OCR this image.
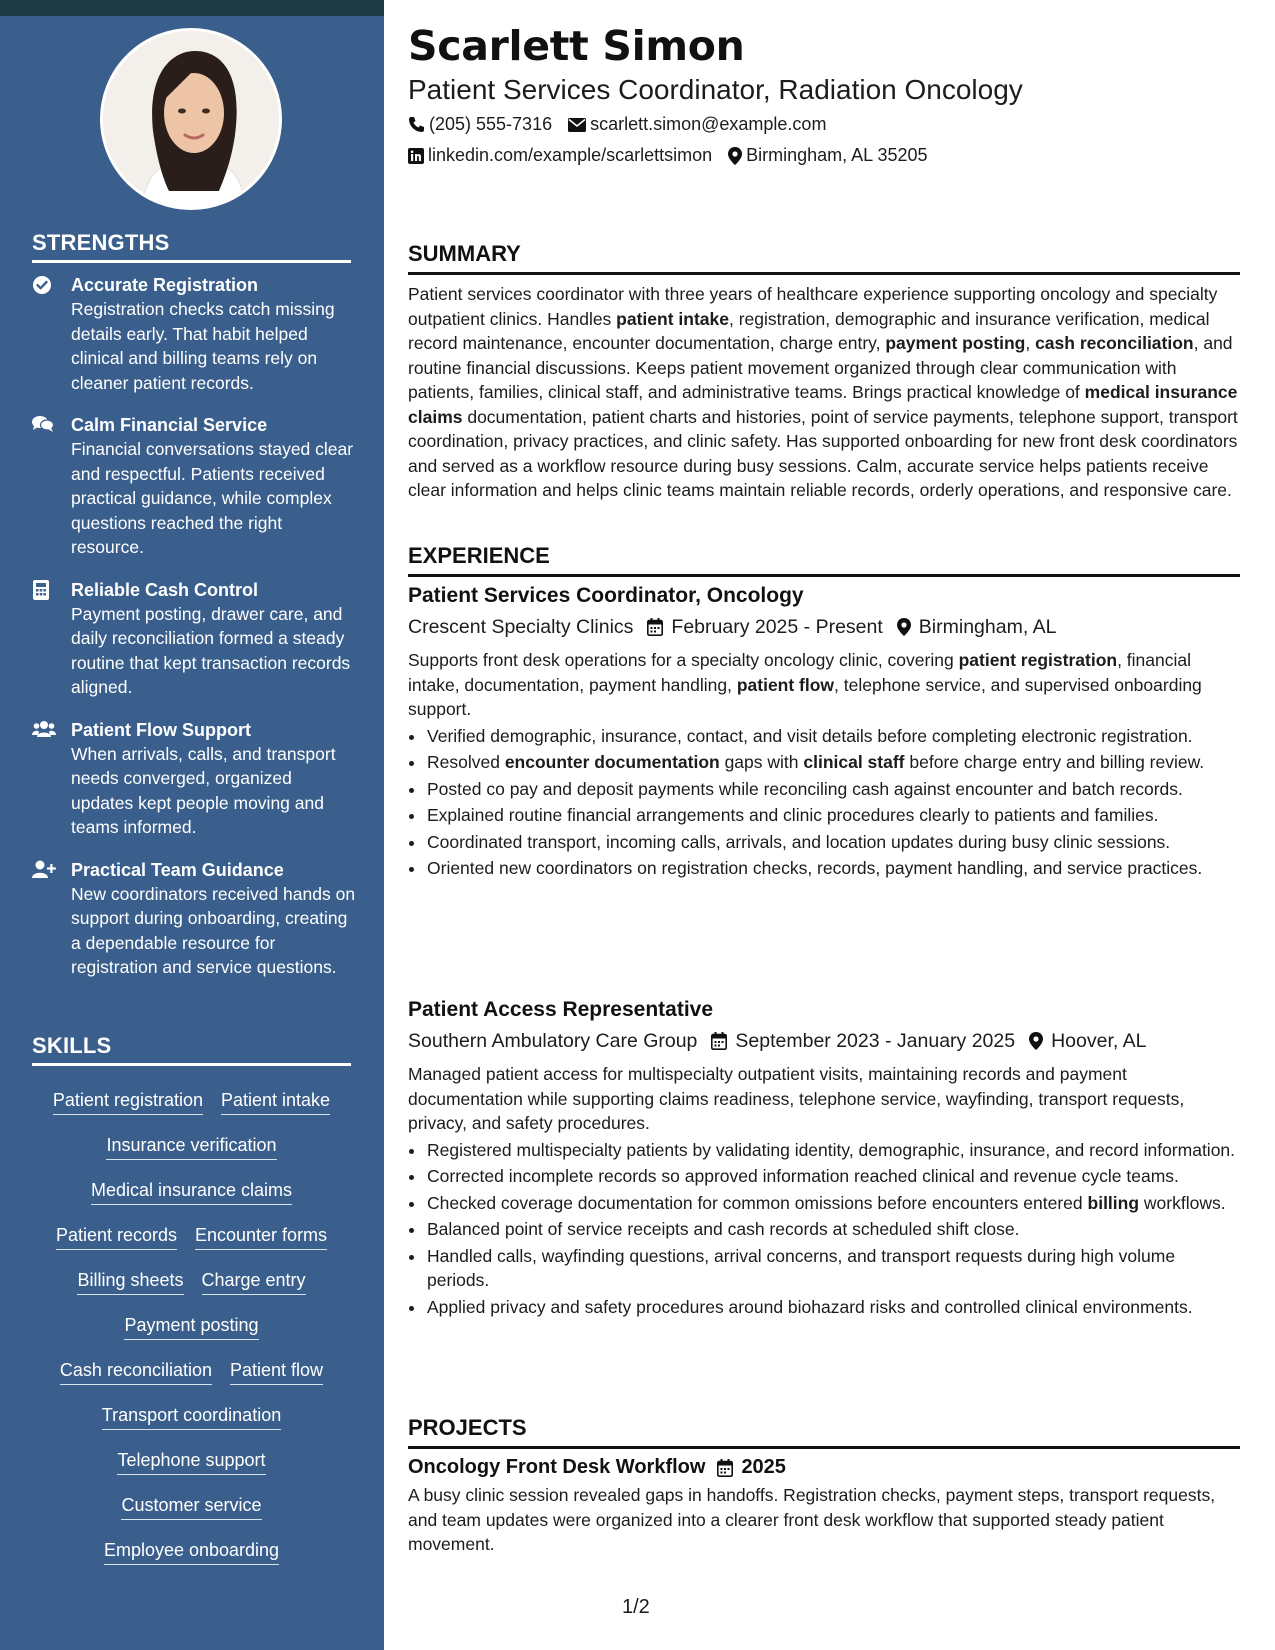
STRENGTHS
Accurate Registration
Registration checks catch missing details early. That habit helped clinical and billing teams rely on cleaner patient records.
Calm Financial Service
Financial conversations stayed clear and respectful. Patients received practical guidance, while complex questions reached the right resource.
Reliable Cash Control
Payment posting, drawer care, and daily reconciliation formed a steady routine that kept transaction records aligned.
Patient Flow Support
When arrivals, calls, and transport needs converged, organized updates kept people moving and teams informed.
Practical Team Guidance
New coordinators received hands on support during onboarding, creating a dependable resource for registration and service questions.
SKILLS
Patient registration Patient intake
Insurance verification
Medical insurance claims
Patient records Encounter forms
Billing sheets Charge entry
Payment posting
Cash reconciliation Patient flow
Transport coordination
Telephone support
Customer service
Employee onboarding
Scarlett Simon
Patient Services Coordinator, Radiation Oncology
(205) 555-7316 scarlett.simon@example.com
linkedin.com/example/scarlettsimon Birmingham, AL 35205
SUMMARY

Patient services coordinator with three years of healthcare experience supporting oncology and specialty outpatient clinics. Handles patient intake, registration, demographic and insurance verification, medical record maintenance, encounter documentation, charge entry, payment posting, cash reconciliation, and routine financial discussions. Keeps patient movement organized through clear communication with patients, families, clinical staff, and administrative teams. Brings practical knowledge of medical insurance claims documentation, patient charts and histories, point of service payments, telephone support, transport coordination, privacy practices, and clinic safety. Has supported onboarding for new front desk coordinators and served as a workflow resource during busy sessions. Calm, accurate service helps patients receive clear information and helps clinic teams maintain reliable records, orderly operations, and responsive care.

EXPERIENCE
Patient Services Coordinator, Oncology
Crescent Specialty Clinics February 2025 - Present Birmingham, AL

Supports front desk operations for a specialty oncology clinic, covering patient registration, financial intake, documentation, payment handling, patient flow, telephone service, and supervised onboarding support.

• Verified demographic, insurance, contact, and visit details before completing electronic registration.
• Resolved encounter documentation gaps with clinical staff before charge entry and billing review.
• Posted co pay and deposit payments while reconciling cash against encounter and batch records.
• Explained routine financial arrangements and clinic procedures clearly to patients and families.
• Coordinated transport, incoming calls, arrivals, and location updates during busy clinic sessions.
• Oriented new coordinators on registration checks, records, payment handling, and service practices.
Patient Access Representative
Southern Ambulatory Care Group September 2023 - January 2025 Hoover, AL

Managed patient access for multispecialty outpatient visits, maintaining records and payment documentation while supporting claims readiness, telephone service, wayfinding, transport requests, privacy, and safety procedures.

• Registered multispecialty patients by validating identity, demographic, insurance, and record information.
• Corrected incomplete records so approved information reached clinical and revenue cycle teams.
• Checked coverage documentation for common omissions before encounters entered billing workflows.
• Balanced point of service receipts and cash records at scheduled shift close.
• Handled calls, wayfinding questions, arrival concerns, and transport requests during high volume periods.
• Applied privacy and safety procedures around biohazard risks and controlled clinical environments.
PROJECTS
Oncology Front Desk Workflow 2025

A busy clinic session revealed gaps in handoffs. Registration checks, payment steps, transport requests, and team updates were organized into a clearer front desk workflow that supported steady patient movement.

1/2
